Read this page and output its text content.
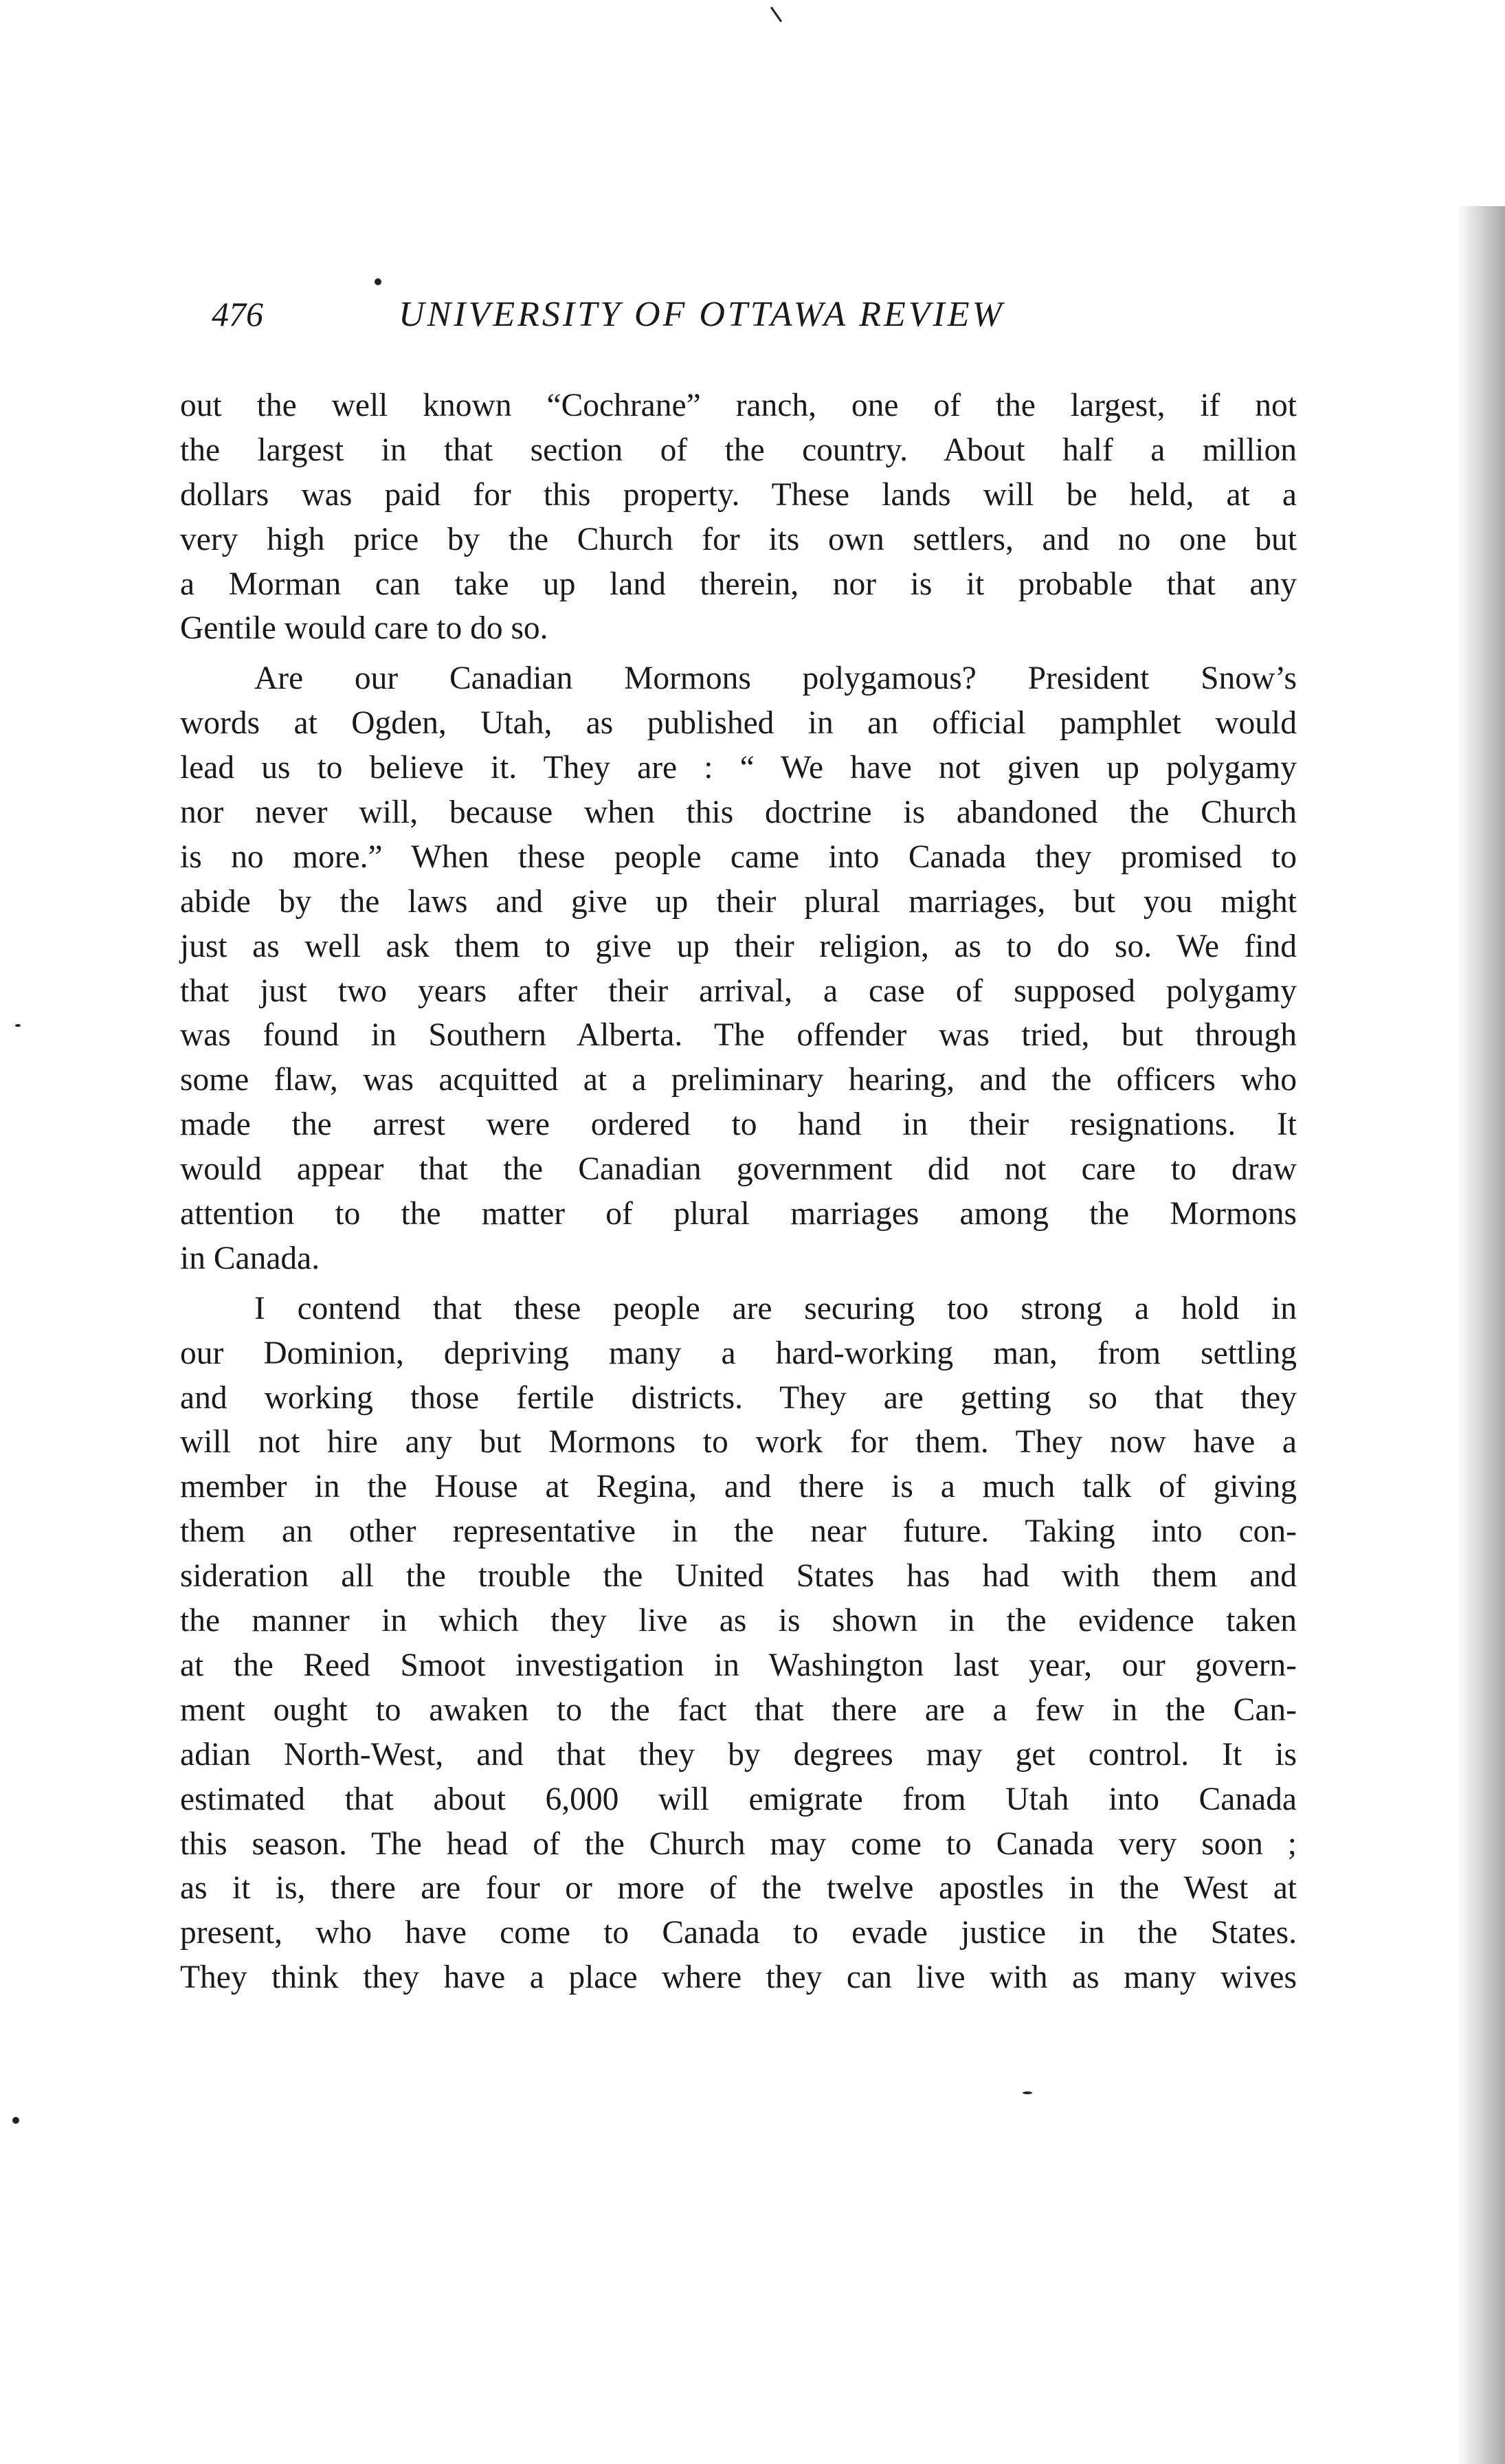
476	UNIVERSITY OF OTTAWA REVIEW
out the well known “Cochrane” ranch, one of the largest, if not
the largest in that section of the country. About half a million
dollars was paid for this property. These lands will be held, at a
very high price by the Church for its own settlers, and no one but
a Morman can take up land therein, nor is it probable that any
Gentile would care to do so.
Are our Canadian Mormons polygamous? President Snow’s
words at Ogden, Utah, as published in an official pamphlet would
lead us to believe it. They are : “ We have not given up polygamy
nor never will, because when this doctrine is abandoned the Church
is no more.” When these people came into Canada they promised to
abide by the laws and give up their plural marriages, but you might
just as well ask them to give up their religion, as to do so. We find
that just two years after their arrival, a case of supposed polygamy
was found in Southern Alberta. The offender was tried, but through
some flaw, was acquitted at a preliminary hearing, and the officers who
made the arrest were ordered to hand in their resignations. It
would appear that the Canadian government did not care to draw
attention to the matter of plural marriages among the Mormons
in Canada.
I contend that these people are securing too strong a hold in
our Dominion, depriving many a hard-working man, from settling
and working those fertile districts. They are getting so that they
will not hire any but Mormons to work for them. They now have a
member in the House at Regina, and there is a much talk of giving
them an other representative in the near future. Taking into con-
sideration all the trouble the United States has had with them and
the manner in which they live as is shown in the evidence taken
at the Reed Smoot investigation in Washington last year, our govern-
ment ought to awaken to the fact that there are a few in the Can-
adian North-West, and that they by degrees may get control. It is
estimated that about 6,000 will emigrate from Utah into Canada
this season. The head of the Church may come to Canada very soon ;
as it is, there are four or more of the twelve apostles in the West at
present, who have come to Canada to evade justice in the States.
They think they have a place where they can live with as many wives
